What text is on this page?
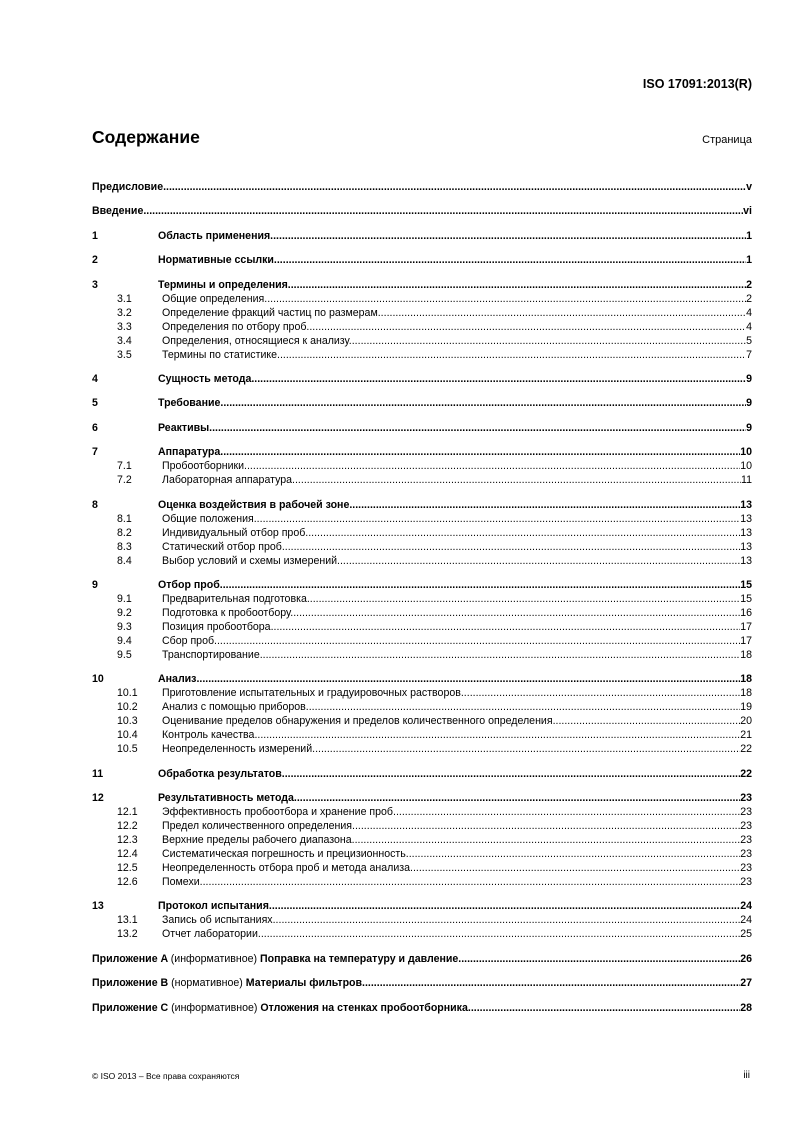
ISO 17091:2013(R)
Содержание	Страница
Предисловие .....	v
Введение .....	vi
1	Область применения .....	1
2	Нормативные ссылки .....	1
3	Термины и определения .....	2
3.1	Общие определения .....	2
3.2	Определение фракций частиц по размерам .....	4
3.3	Определения по отбору проб .....	4
3.4	Определения, относящиеся к анализу .....	5
3.5	Термины по статистике .....	7
4	Сущность метода .....	9
5	Требование .....	9
6	Реактивы .....	9
7	Аппаратура .....	10
7.1	Пробоотборники .....	10
7.2	Лабораторная аппаратура .....	11
8	Оценка воздействия в рабочей зоне .....	13
8.1	Общие положения .....	13
8.2	Индивидуальный отбор проб .....	13
8.3	Статический отбор проб .....	13
8.4	Выбор условий и схемы измерений .....	13
9	Отбор проб .....	15
9.1	Предварительная подготовка .....	15
9.2	Подготовка к пробоотбору .....	16
9.3	Позиция пробоотбора .....	17
9.4	Сбор проб .....	17
9.5	Транспортирование .....	18
10	Анализ .....	18
10.1	Приготовление испытательных и градуировочных растворов .....	18
10.2	Анализ с помощью приборов .....	19
10.3	Оценивание пределов обнаружения и пределов количественного определения .....	20
10.4	Контроль качества .....	21
10.5	Неопределенность измерений .....	22
11	Обработка результатов .....	22
12	Результативность метода .....	23
12.1	Эффективность пробоотбора и хранение проб .....	23
12.2	Предел количественного определения .....	23
12.3	Верхние пределы рабочего диапазона .....	23
12.4	Систематическая погрешность и прецизионность .....	23
12.5	Неопределенность отбора проб и метода анализа .....	23
12.6	Помехи .....	23
13	Протокол испытания .....	24
13.1	Запись об испытаниях .....	24
13.2	Отчет лаборатории .....	25
Приложение A (информативное) Поправка на температуру и давление .....	26
Приложение B (нормативное) Материалы фильтров .....	27
Приложение C (информативное) Отложения на стенках пробоотборника .....	28
© ISO 2013 – Все права сохраняются	iii
